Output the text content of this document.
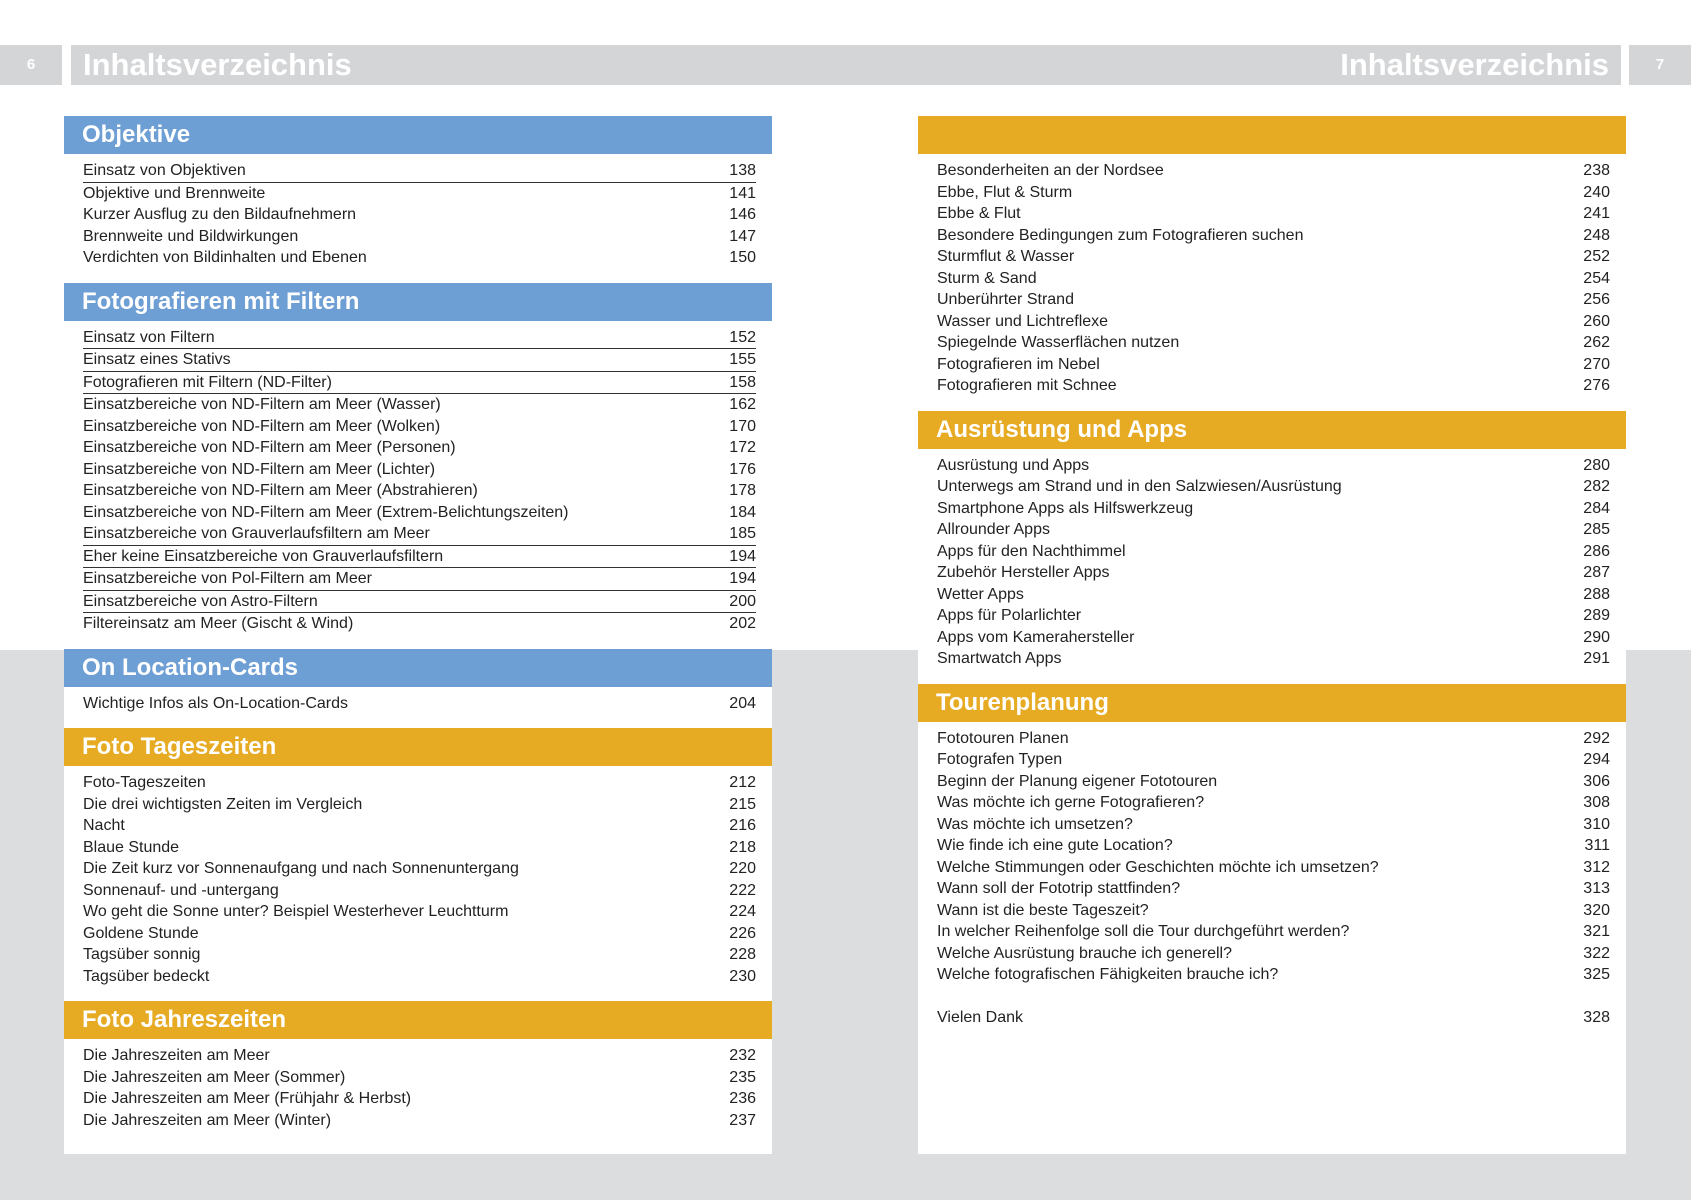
6	Inhaltsverzeichnis	Inhaltsverzeichnis	7
Objektive
Einsatz von Objektiven	138
Objektive und Brennweite	141
Kurzer Ausflug zu den Bildaufnehmern	146
Brennweite und Bildwirkungen	147
Verdichten von Bildinhalten und Ebenen	150
Fotografieren mit Filtern
Einsatz von Filtern	152
Einsatz eines Stativs	155
Fotografieren mit Filtern (ND-Filter)	158
Einsatzbereiche von ND-Filtern am Meer (Wasser)	162
Einsatzbereiche von ND-Filtern am Meer (Wolken)	170
Einsatzbereiche von ND-Filtern am Meer (Personen)	172
Einsatzbereiche von ND-Filtern am Meer (Lichter)	176
Einsatzbereiche von ND-Filtern am Meer (Abstrahieren)	178
Einsatzbereiche von ND-Filtern am Meer (Extrem-Belichtungszeiten)	184
Einsatzbereiche von Grauverlaufsfiltern am Meer	185
Eher keine Einsatzbereiche von Grauverlaufsfiltern	194
Einsatzbereiche von Pol-Filtern am Meer	194
Einsatzbereiche von Astro-Filtern	200
Filtereinsatz am Meer (Gischt & Wind)	202
On Location-Cards
Wichtige Infos als On-Location-Cards	204
Foto Tageszeiten
Foto-Tageszeiten	212
Die drei wichtigsten Zeiten im Vergleich	215
Nacht	216
Blaue Stunde	218
Die Zeit kurz vor Sonnenaufgang und nach Sonnenuntergang	220
Sonnenauf- und -untergang	222
Wo geht die Sonne unter? Beispiel Westerhever Leuchtturm	224
Goldene Stunde	226
Tagsüber sonnig	228
Tagsüber bedeckt	230
Foto Jahreszeiten
Die Jahreszeiten am Meer	232
Die Jahreszeiten am Meer (Sommer)	235
Die Jahreszeiten am Meer (Frühjahr & Herbst)	236
Die Jahreszeiten am Meer (Winter)	237
Besonderheiten an der Nordsee	238
Ebbe, Flut & Sturm	240
Ebbe & Flut	241
Besondere Bedingungen zum Fotografieren suchen	248
Sturmflut & Wasser	252
Sturm & Sand	254
Unberührter Strand	256
Wasser und Lichtreflexe	260
Spiegelnde Wasserflächen nutzen	262
Fotografieren im Nebel	270
Fotografieren mit Schnee	276
Ausrüstung und Apps
Ausrüstung und Apps	280
Unterwegs am Strand und in den Salzwiesen/Ausrüstung	282
Smartphone Apps als Hilfswerkzeug	284
Allrounder Apps	285
Apps für den Nachthimmel	286
Zubehör Hersteller Apps	287
Wetter Apps	288
Apps für Polarlichter	289
Apps vom Kamerahersteller	290
Smartwatch Apps	291
Tourenplanung
Fototouren Planen	292
Fotografen Typen	294
Beginn der Planung eigener Fototouren	306
Was möchte ich gerne Fotografieren?	308
Was möchte ich umsetzen?	310
Wie finde ich eine gute Location?	311
Welche Stimmungen oder Geschichten möchte ich umsetzen?	312
Wann soll der Fototrip stattfinden?	313
Wann ist die beste Tageszeit?	320
In welcher Reihenfolge soll die Tour durchgeführt werden?	321
Welche Ausrüstung brauche ich generell?	322
Welche fotografischen Fähigkeiten brauche ich?	325
Vielen Dank	328
